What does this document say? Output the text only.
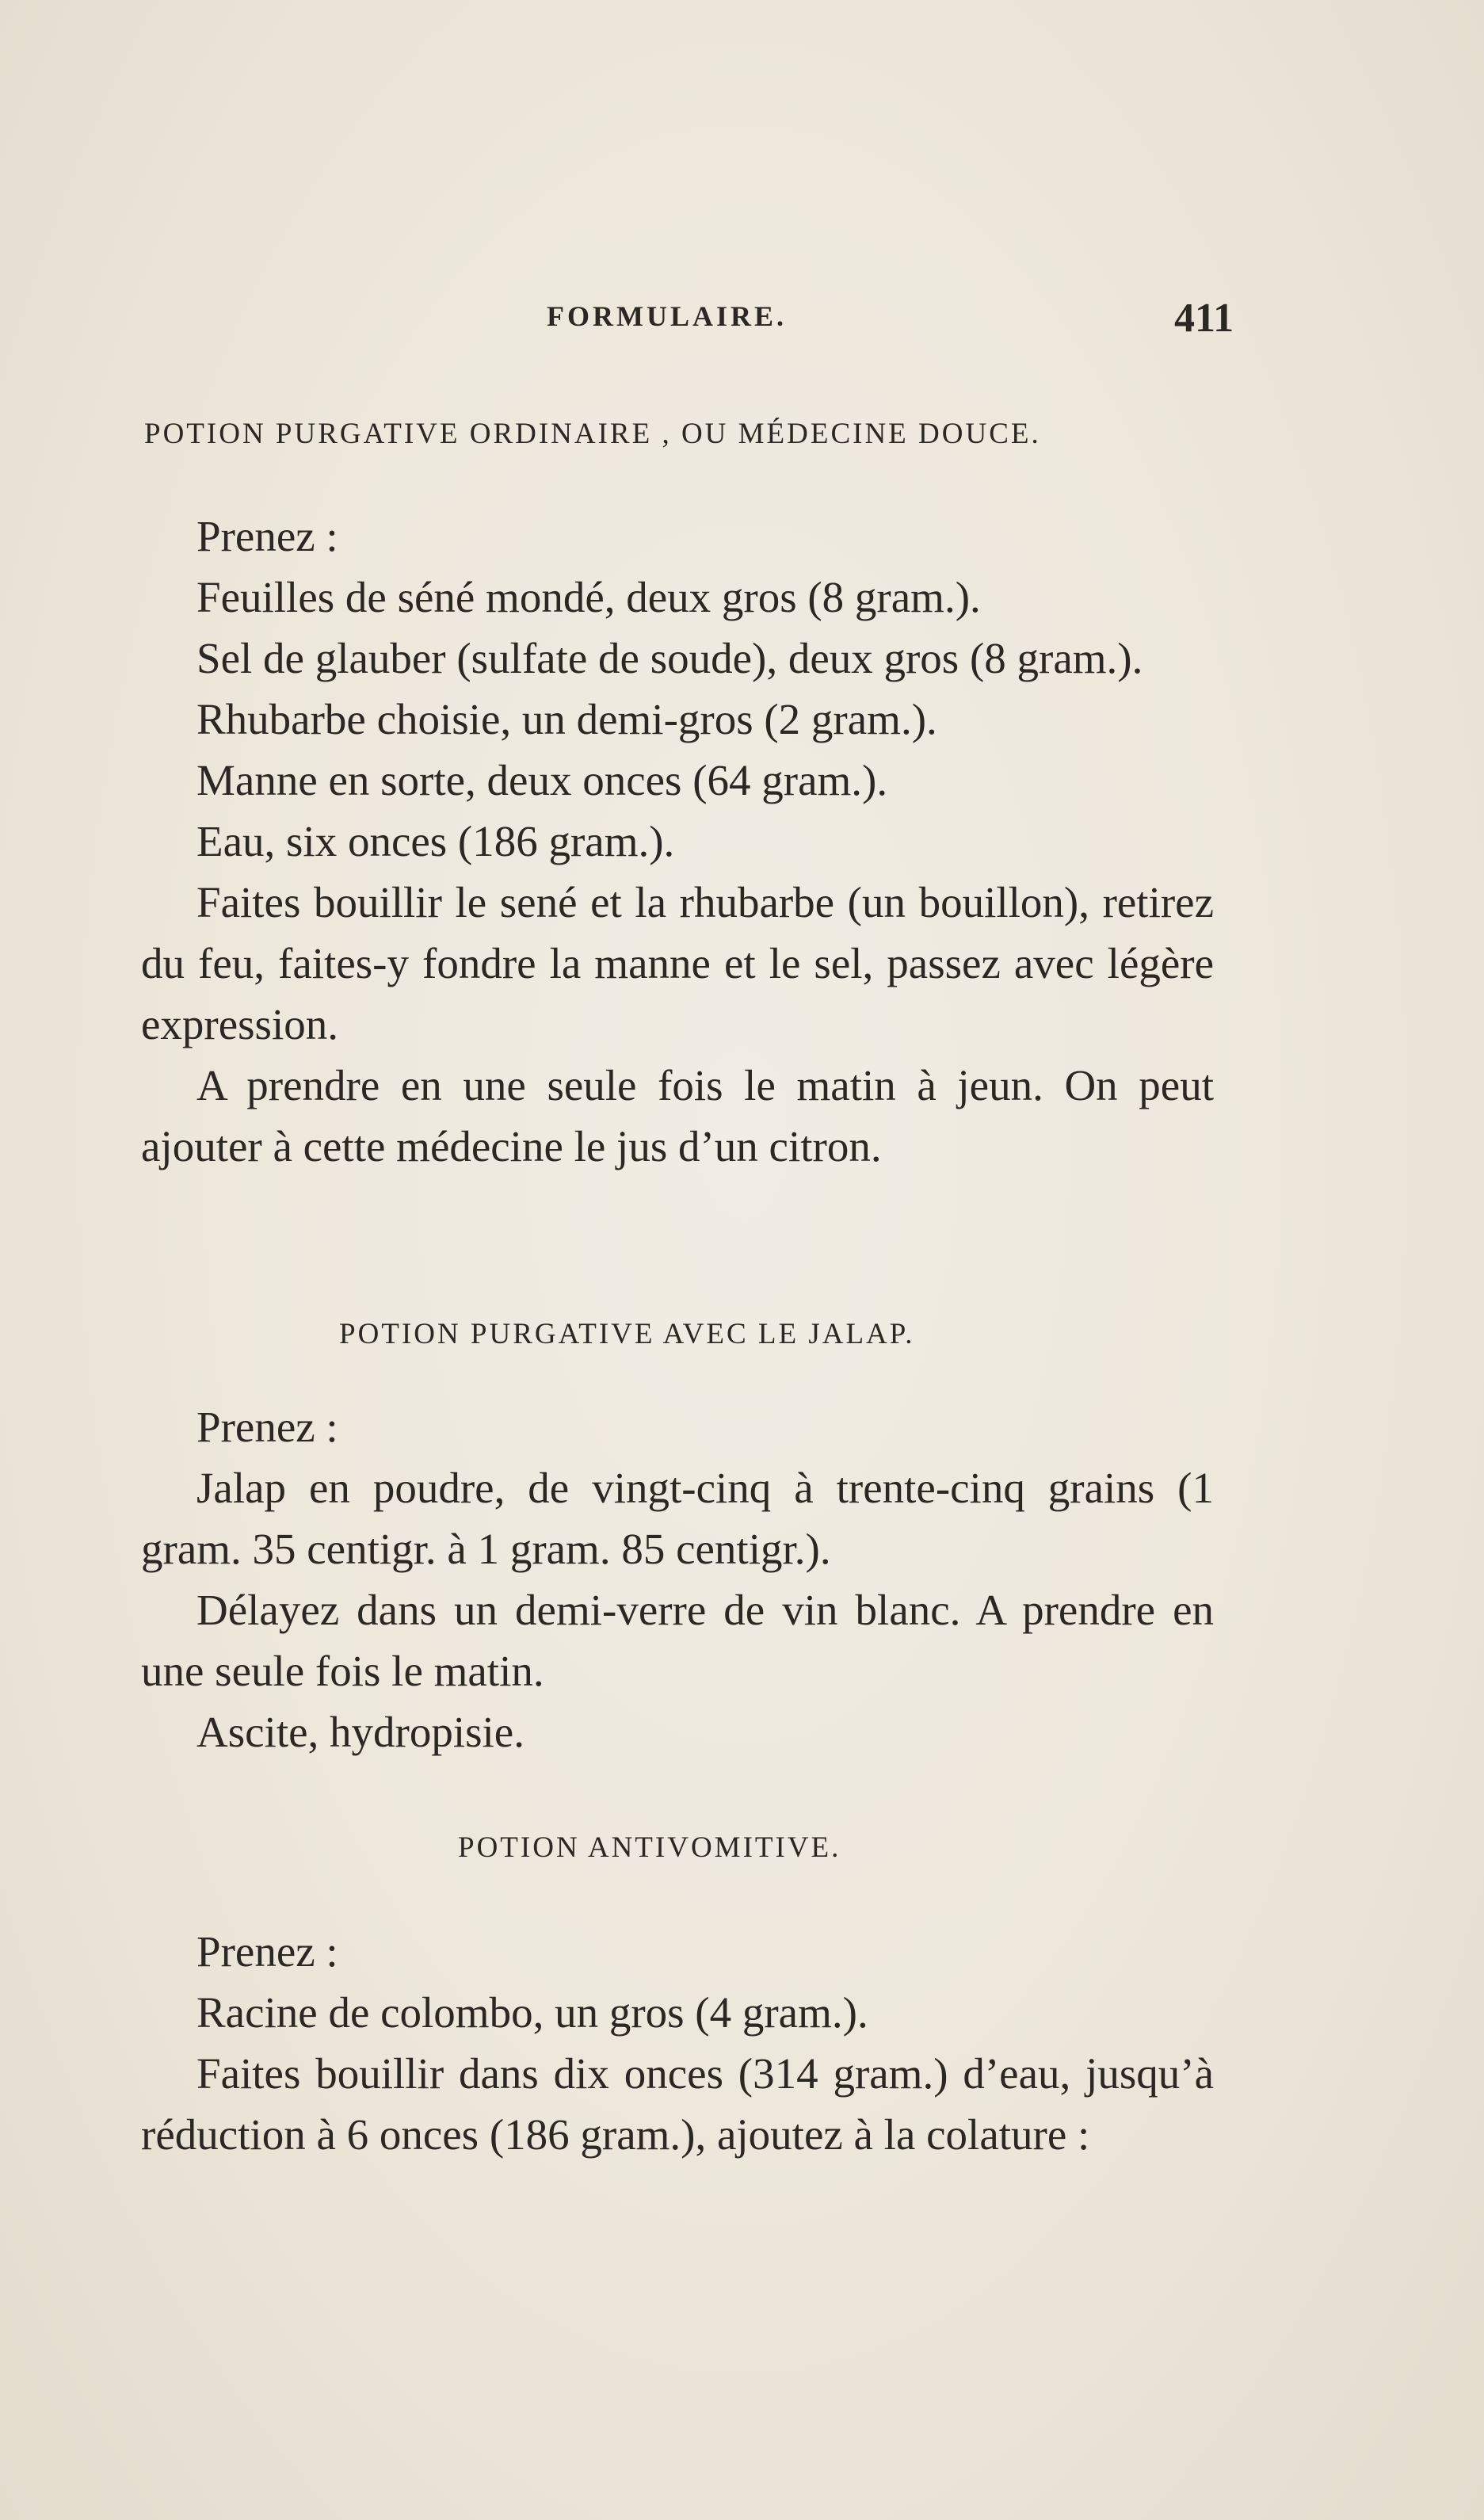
FORMULAIRE.	411
POTION PURGATIVE ORDINAIRE , OU MÉDECINE DOUCE.

Prenez :

Feuilles de séné mondé, deux gros (8 gram.).

Sel de glauber (sulfate de soude), deux gros (8 gram.).

Rhubarbe choisie, un demi-gros (2 gram.).

Manne en sorte, deux onces (64 gram.).

Eau, six onces (186 gram.).

Faites bouillir le sené et la rhubarbe (un bouillon), retirez du feu, faites-y fondre la manne et le sel, passez avec légère expression.

A prendre en une seule fois le matin à jeun. On peut ajouter à cette médecine le jus d’un citron.

POTION PURGATIVE AVEC LE JALAP.

Prenez :

Jalap en poudre, de vingt-cinq à trente-cinq grains (1 gram. 35 centigr. à 1 gram. 85 centigr.).

Délayez dans un demi-verre de vin blanc. A prendre en une seule fois le matin.

Ascite, hydropisie.

POTION ANTIVOMITIVE.

Prenez :

Racine de colombo, un gros (4 gram.).

Faites bouillir dans dix onces (314 gram.) d’eau, jusqu’à réduction à 6 onces (186 gram.), ajoutez à la colature :
